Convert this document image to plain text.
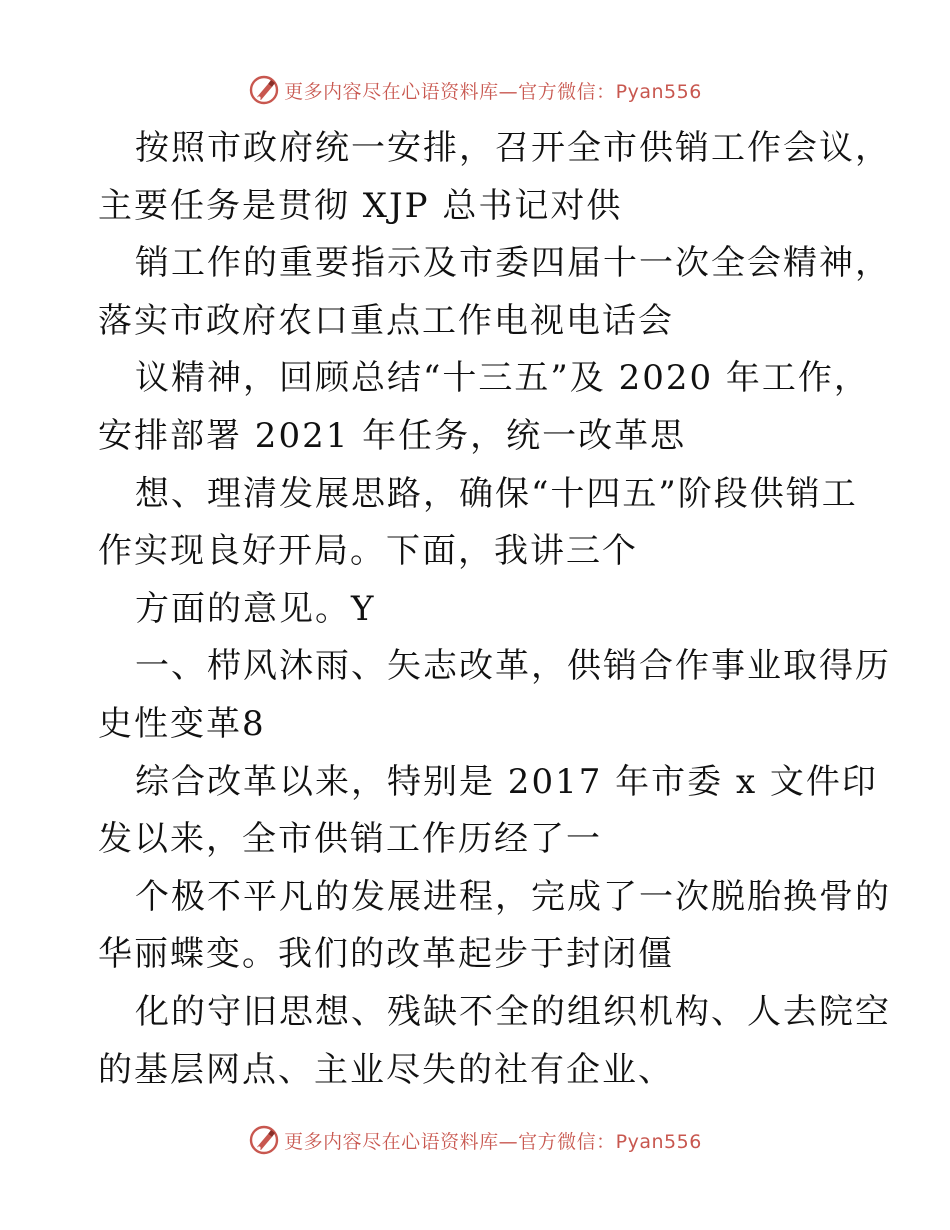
更多内容尽在心语资料库—官方微信：Pyan556
按照市政府统一安排，召开全市供销工作会议，
主要任务是贯彻 XJP 总书记对供
销工作的重要指示及市委四届十一次全会精神，
落实市政府农口重点工作电视电话会
议精神，回顾总结“十三五”及 2020 年工作，
安排部署 2021 年任务，统一改革思
想、理清发展思路，确保“十四五”阶段供销工
作实现良好开局。下面，我讲三个
方面的意见。Y
一、栉风沐雨、矢志改革，供销合作事业取得历
史性变革8
综合改革以来，特别是 2017 年市委 x 文件印
发以来，全市供销工作历经了一
个极不平凡的发展进程，完成了一次脱胎换骨的
华丽蝶变。我们的改革起步于封闭僵
化的守旧思想、残缺不全的组织机构、人去院空
的基层网点、主业尽失的社有企业、
更多内容尽在心语资料库—官方微信：Pyan556
